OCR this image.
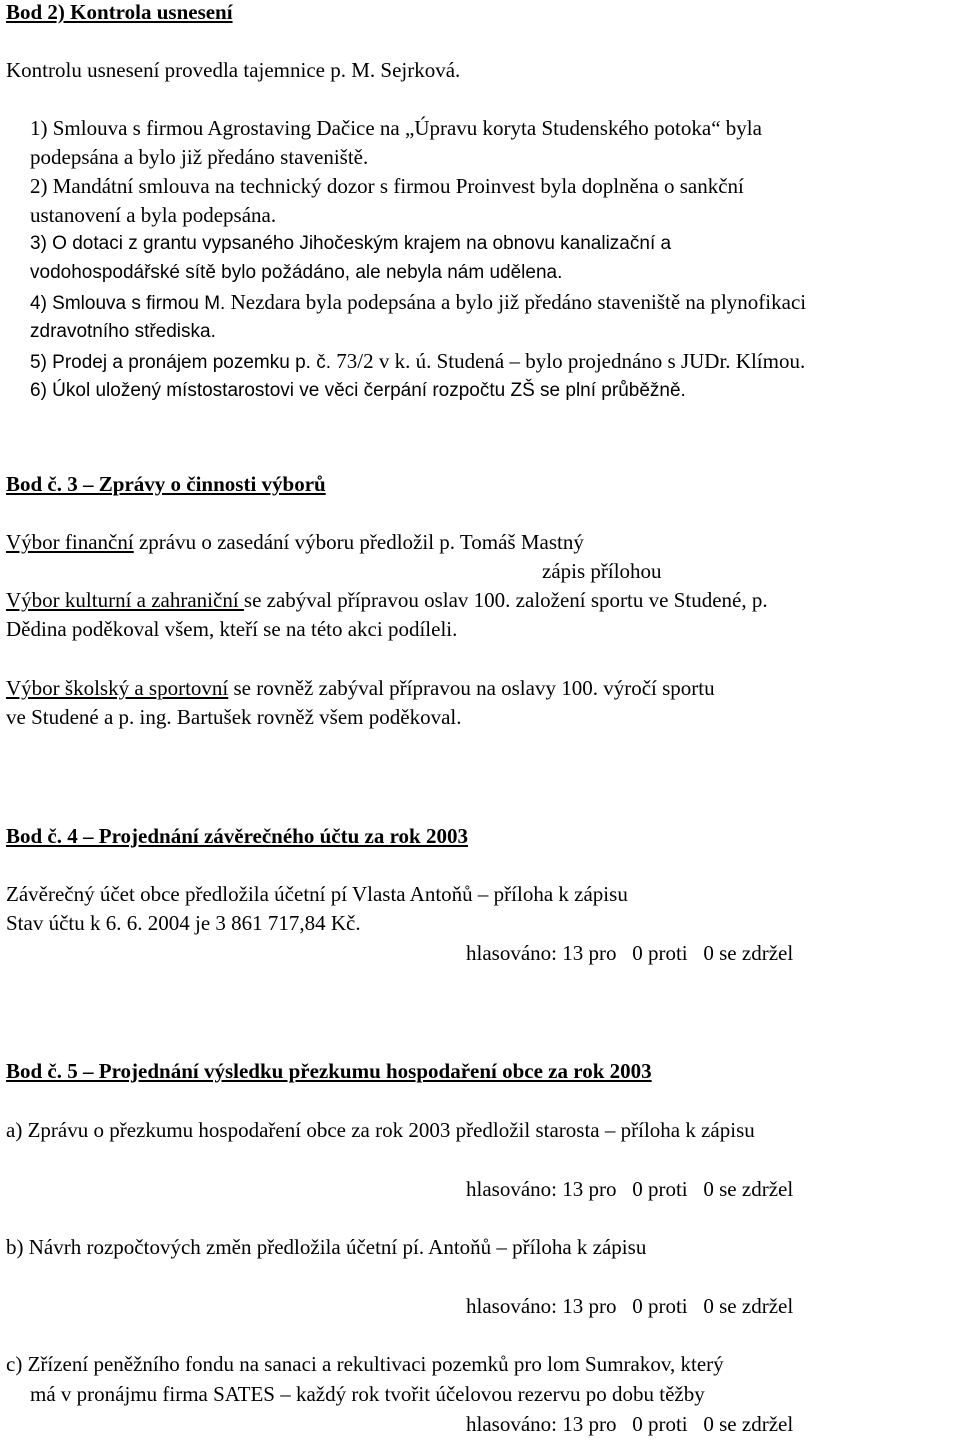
Bod 2) Kontrola usnesení
Kontrolu usnesení provedla tajemnice p. M. Sejrková.
1) Smlouva s firmou Agrostaving Dačice na „Úpravu koryta Studenského potoka“ byla
podepsána a bylo již předáno staveniště.
2) Mandátní smlouva na technický dozor s firmou Proinvest byla doplněna o sankční
ustanovení a byla podepsána.
3) O dotaci z grantu vypsaného Jihočeským krajem na obnovu kanalizační a
vodohospodářské sítě bylo požádáno, ale nebyla nám udělena.
4) Smlouva s firmou M. Nezdara byla podepsána a bylo již předáno staveniště na plynofikaci
zdravotního střediska.
5) Prodej a pronájem pozemku p. č. 73/2 v k. ú. Studená – bylo projednáno s JUDr. Klímou.
6) Úkol uložený místostarostovi ve věci čerpání rozpočtu ZŠ se plní průběžně.
Bod č. 3 – Zprávy o činnosti výborů
Výbor finanční zprávu o zasedání výboru předložil p. Tomáš Mastný
zápis přílohou
Výbor kulturní a zahraniční se zabýval přípravou oslav 100. založení sportu ve Studené, p.
Dědina poděkoval všem, kteří se na této akci podíleli.
Výbor školský a sportovní se rovněž zabýval přípravou na oslavy 100. výročí sportu
ve Studené a p. ing. Bartušek rovněž všem poděkoval.
Bod č. 4 – Projednání závěrečného účtu za rok 2003
Závěrečný účet obce předložila účetní pí Vlasta Antoňů – příloha k zápisu
Stav účtu k 6. 6. 2004 je 3 861 717,84 Kč.
hlasováno: 13 pro   0 proti   0 se zdržel
Bod č. 5 – Projednání výsledku přezkumu hospodaření obce za rok 2003
a) Zprávu o přezkumu hospodaření obce za rok 2003 předložil starosta – příloha k zápisu
hlasováno: 13 pro   0 proti   0 se zdržel
b) Návrh rozpočtových změn předložila účetní pí. Antoňů – příloha k zápisu
hlasováno: 13 pro   0 proti   0 se zdržel
c) Zřízení peněžního fondu na sanaci a rekultivaci pozemků pro lom Sumrakov, který
má v pronájmu firma SATES – každý rok tvořit účelovou rezervu po dobu těžby
hlasováno: 13 pro   0 proti   0 se zdržel
